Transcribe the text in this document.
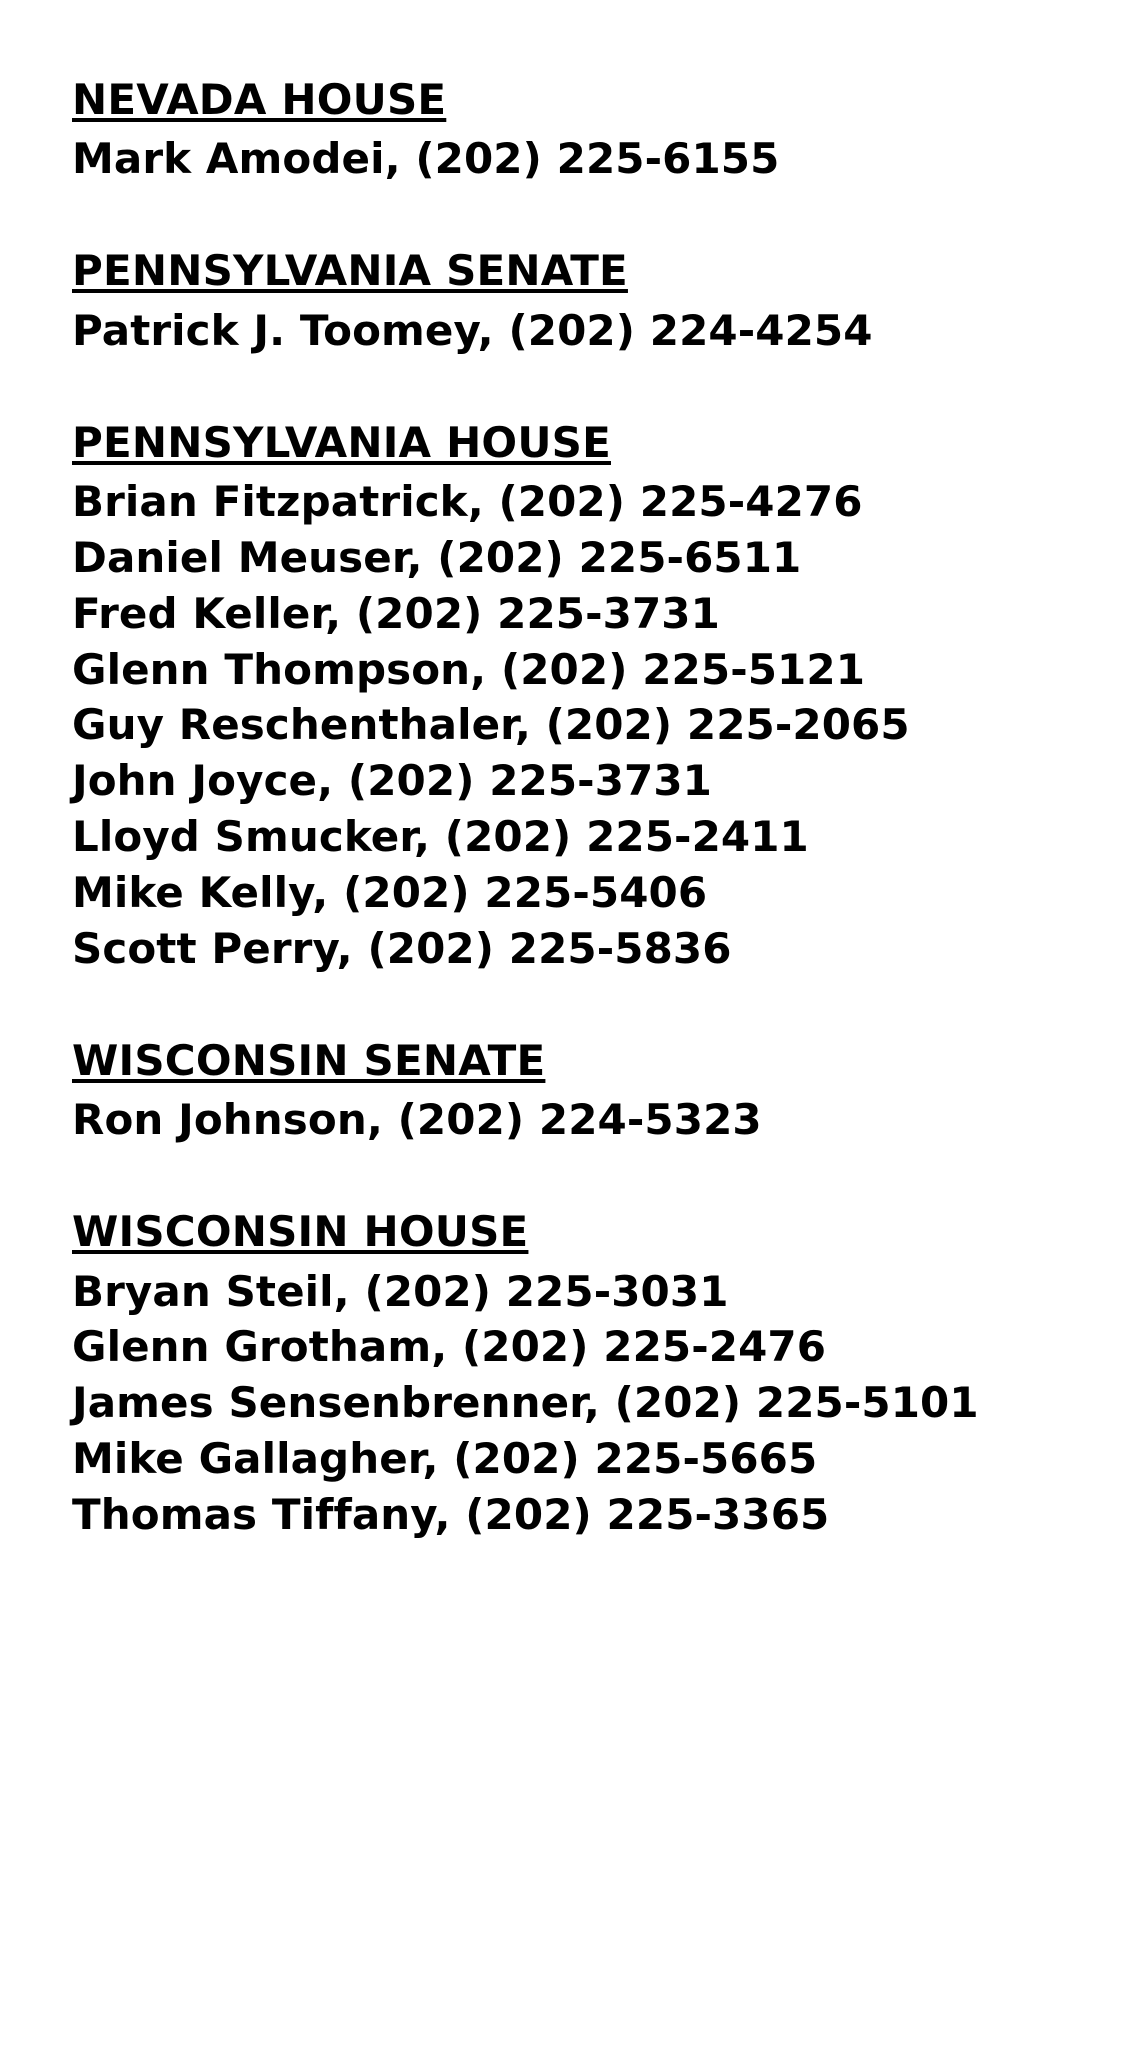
NEVADA HOUSE
Mark Amodei, (202) 225-6155
PENNSYLVANIA SENATE
Patrick J. Toomey, (202) 224-4254
PENNSYLVANIA HOUSE
Brian Fitzpatrick, (202) 225-4276
Daniel Meuser, (202) 225-6511
Fred Keller, (202) 225-3731
Glenn Thompson, (202) 225-5121
Guy Reschenthaler, (202) 225-2065
John Joyce, (202) 225-3731
Lloyd Smucker, (202) 225-2411
Mike Kelly, (202) 225-5406
Scott Perry, (202) 225-5836
WISCONSIN SENATE
Ron Johnson, (202) 224-5323
WISCONSIN HOUSE
Bryan Steil, (202) 225-3031
Glenn Grotham, (202) 225-2476
James Sensenbrenner, (202) 225-5101
Mike Gallagher, (202) 225-5665
Thomas Tiffany, (202) 225-3365
